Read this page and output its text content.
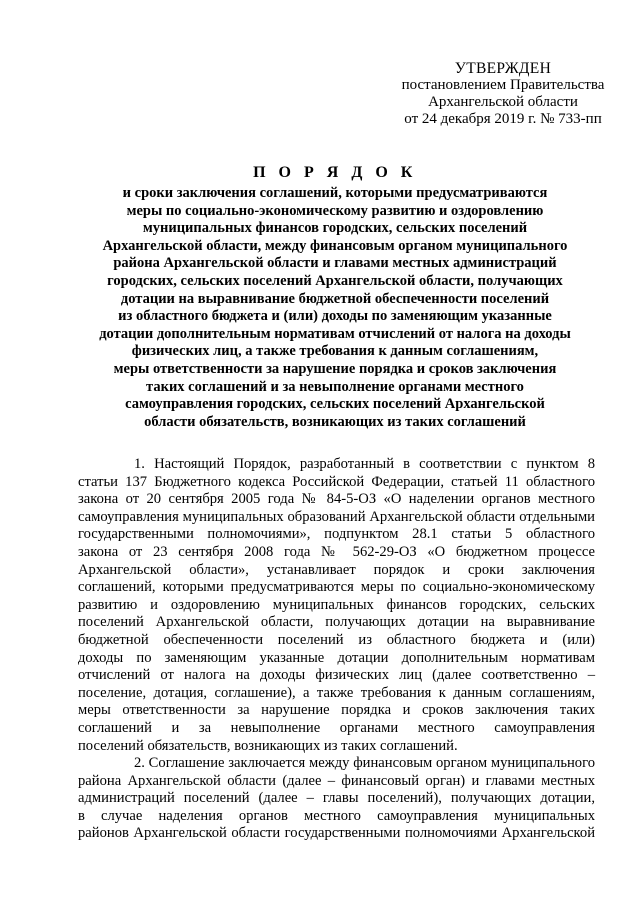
УТВЕРЖДЕН
постановлением Правительства
Архангельской области
от 24 декабря 2019 г. № 733-пп
П О Р Я Д О К
и сроки заключения соглашений, которыми предусматриваются
меры по социально-экономическому развитию и оздоровлению
муниципальных финансов городских, сельских поселений
Архангельской области, между финансовым органом муниципального
района Архангельской области и главами местных администраций
городских, сельских поселений Архангельской области, получающих
дотации на выравнивание бюджетной обеспеченности поселений
из областного бюджета и (или) доходы по заменяющим указанные
дотации дополнительным нормативам отчислений от налога на доходы
физических лиц, а также требования к данным соглашениям,
меры ответственности за нарушение порядка и сроков заключения
таких соглашений и за невыполнение органами местного
самоуправления городских, сельских поселений Архангельской
области обязательств, возникающих из таких соглашений
1. Настоящий Порядок, разработанный в соответствии с пунктом 8
статьи 137 Бюджетного кодекса Российской Федерации, статьей 11 областного
закона от 20 сентября 2005 года № 84-5-ОЗ «О наделении органов местного
самоуправления муниципальных образований Архангельской области отдельными
государственными полномочиями», подпунктом 28.1 статьи 5 областного
закона от 23 сентября 2008 года № 562-29-ОЗ «О бюджетном процессе
Архангельской области», устанавливает порядок и сроки заключения
соглашений, которыми предусматриваются меры по социально-экономическому
развитию и оздоровлению муниципальных финансов городских, сельских
поселений Архангельской области, получающих дотации на выравнивание
бюджетной обеспеченности поселений из областного бюджета и (или)
доходы по заменяющим указанные дотации дополнительным нормативам
отчислений от налога на доходы физических лиц (далее соответственно –
поселение, дотация, соглашение), а также требования к данным соглашениям,
меры ответственности за нарушение порядка и сроков заключения таких
соглашений и за невыполнение органами местного самоуправления
поселений обязательств, возникающих из таких соглашений.
2. Соглашение заключается между финансовым органом муниципального
района Архангельской области (далее – финансовый орган) и главами местных
администраций поселений (далее – главы поселений), получающих дотации,
в случае наделения органов местного самоуправления муниципальных
районов Архангельской области государственными полномочиями Архангельской
